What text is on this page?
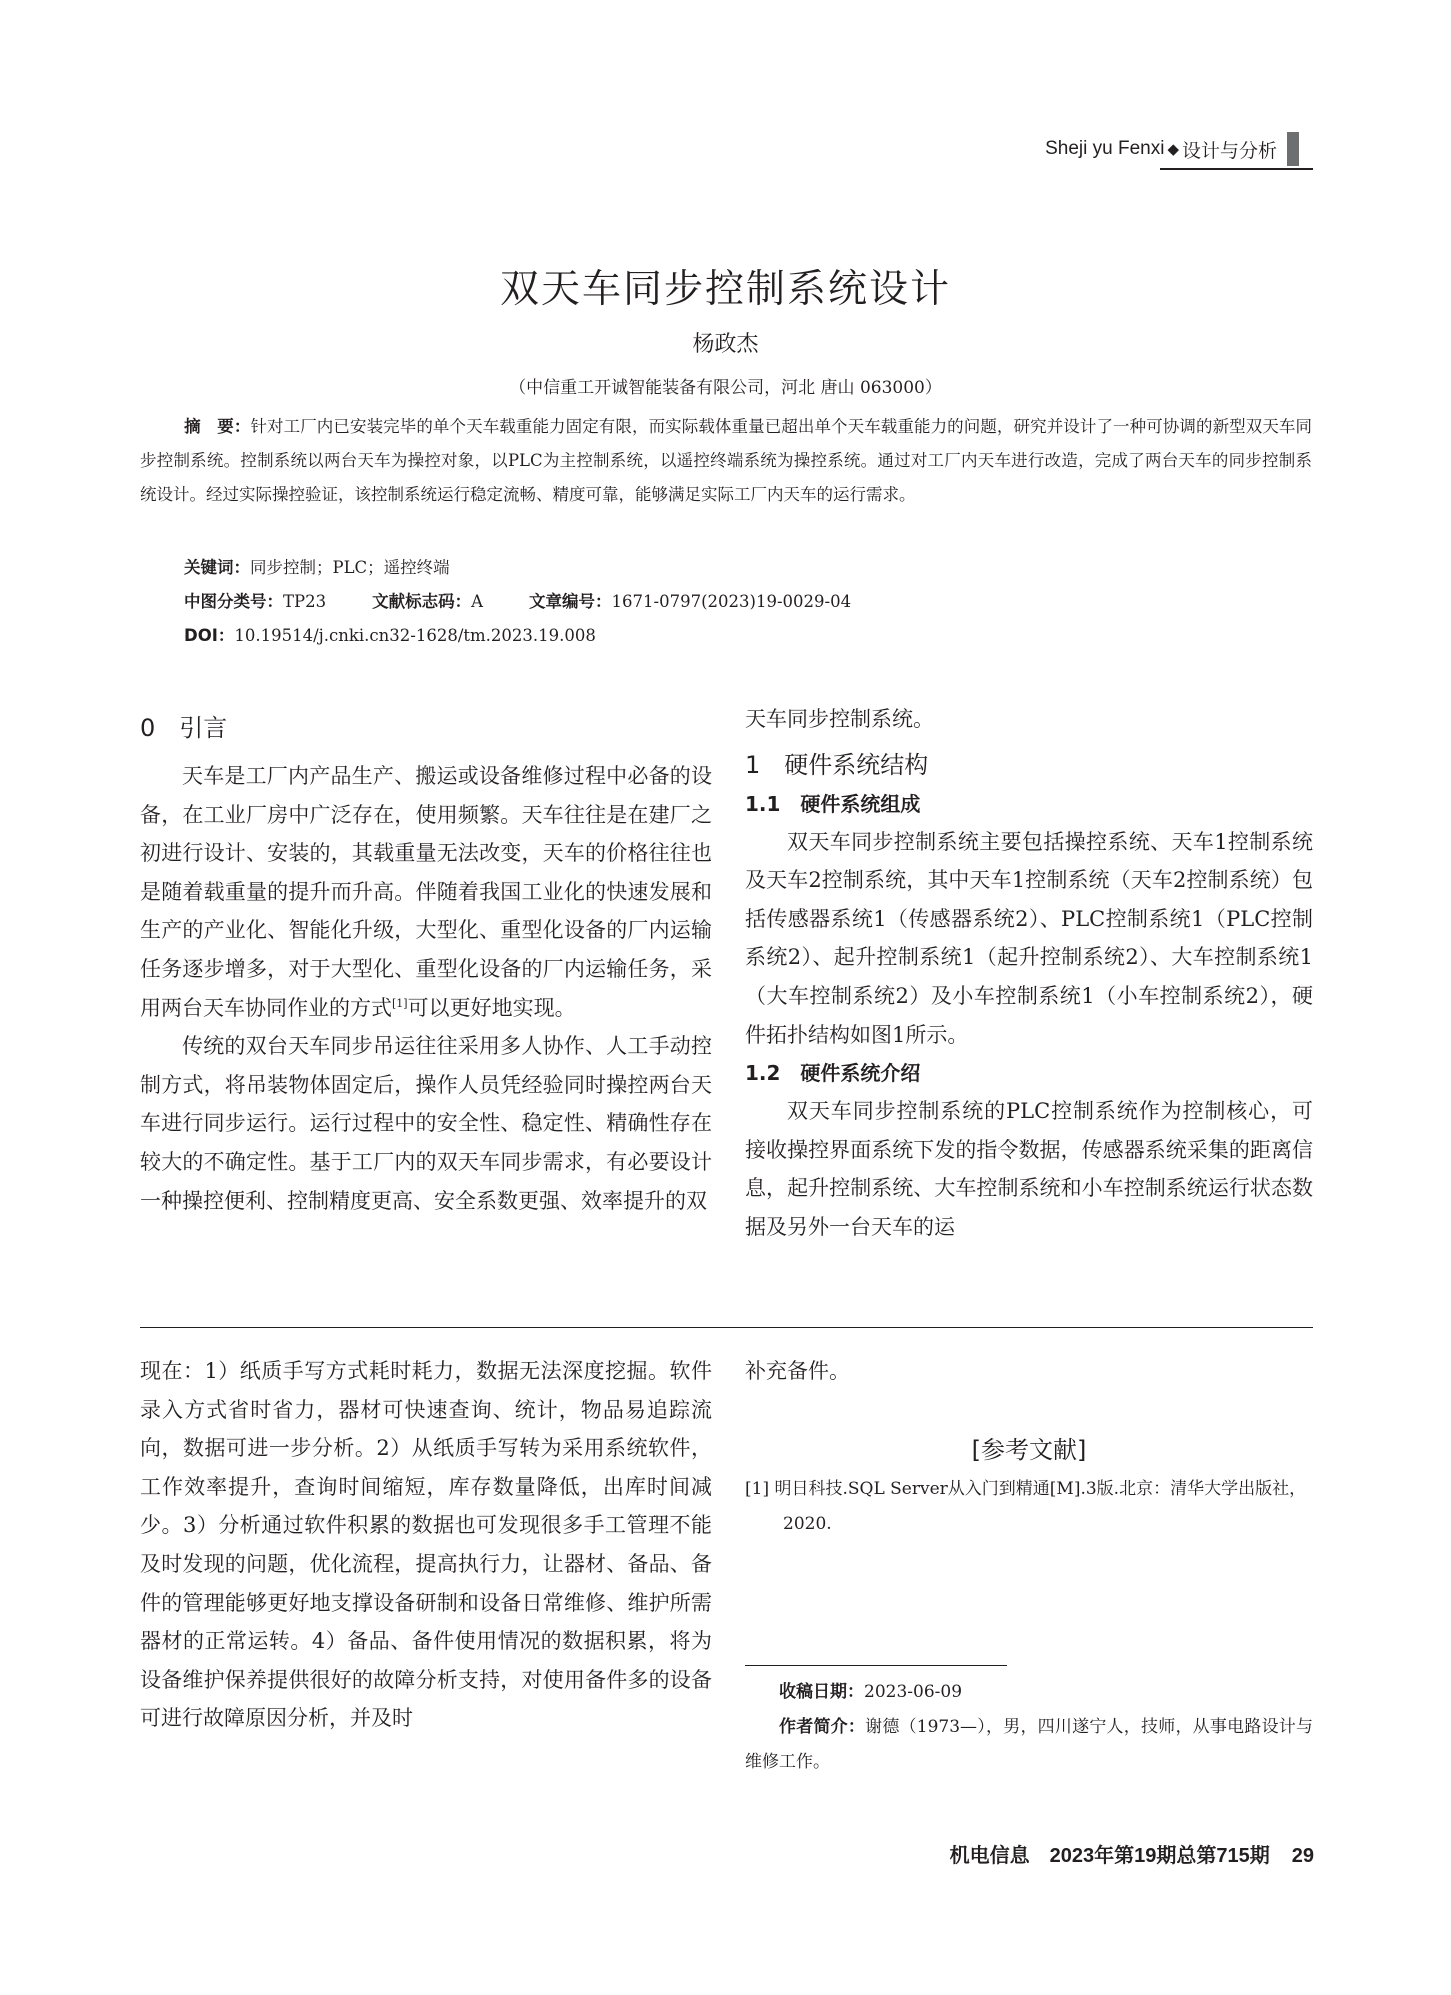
Sheji yu Fenxi ◆ 设计与分析
双天车同步控制系统设计
杨政杰
（中信重工开诚智能装备有限公司，河北 唐山 063000）
摘　要：针对工厂内已安装完毕的单个天车载重能力固定有限，而实际载体重量已超出单个天车载重能力的问题，研究并设计了一种可协调的新型双天车同步控制系统。控制系统以两台天车为操控对象，以PLC为主控制系统，以遥控终端系统为操控系统。通过对工厂内天车进行改造，完成了两台天车的同步控制系统设计。经过实际操控验证，该控制系统运行稳定流畅、精度可靠，能够满足实际工厂内天车的运行需求。
关键词：同步控制；PLC；遥控终端
中图分类号：TP23	文献标志码：A	文章编号：1671-0797(2023)19-0029-04
DOI：10.19514/j.cnki.cn32-1628/tm.2023.19.008
0　引言

天车是工厂内产品生产、搬运或设备维修过程中必备的设备，在工业厂房中广泛存在，使用频繁。天车往往是在建厂之初进行设计、安装的，其载重量无法改变，天车的价格往往也是随着载重量的提升而升高。伴随着我国工业化的快速发展和生产的产业化、智能化升级，大型化、重型化设备的厂内运输任务逐步增多，对于大型化、重型化设备的厂内运输任务，采用两台天车协同作业的方式[1]可以更好地实现。

传统的双台天车同步吊运往往采用多人协作、人工手动控制方式，将吊装物体固定后，操作人员凭经验同时操控两台天车进行同步运行。运行过程中的安全性、稳定性、精确性存在较大的不确定性。基于工厂内的双天车同步需求，有必要设计一种操控便利、控制精度更高、安全系数更强、效率提升的双

天车同步控制系统。

1　硬件系统结构
1.1　硬件系统组成

双天车同步控制系统主要包括操控系统、天车1控制系统及天车2控制系统，其中天车1控制系统（天车2控制系统）包括传感器系统1（传感器系统2）、PLC控制系统1（PLC控制系统2）、起升控制系统1（起升控制系统2）、大车控制系统1（大车控制系统2）及小车控制系统1（小车控制系统2），硬件拓扑结构如图1所示。

1.2　硬件系统介绍

双天车同步控制系统的PLC控制系统作为控制核心，可接收操控界面系统下发的指令数据，传感器系统采集的距离信息，起升控制系统、大车控制系统和小车控制系统运行状态数据及另外一台天车的运

现在：1）纸质手写方式耗时耗力，数据无法深度挖掘。软件录入方式省时省力，器材可快速查询、统计，物品易追踪流向，数据可进一步分析。2）从纸质手写转为采用系统软件，工作效率提升，查询时间缩短，库存数量降低，出库时间减少。3）分析通过软件积累的数据也可发现很多手工管理不能及时发现的问题，优化流程，提高执行力，让器材、备品、备件的管理能够更好地支撑设备研制和设备日常维修、维护所需器材的正常运转。4）备品、备件使用情况的数据积累，将为设备维护保养提供很好的故障分析支持，对使用备件多的设备可进行故障原因分析，并及时

补充备件。

[参考文献]
[1] 明日科技.SQL Server从入门到精通[M].3版.北京：清华大学出版社，2020.
收稿日期：2023-06-09
作者简介：谢德（1973—），男，四川遂宁人，技师，从事电路设计与维修工作。
机电信息　2023年第19期总第715期 29
